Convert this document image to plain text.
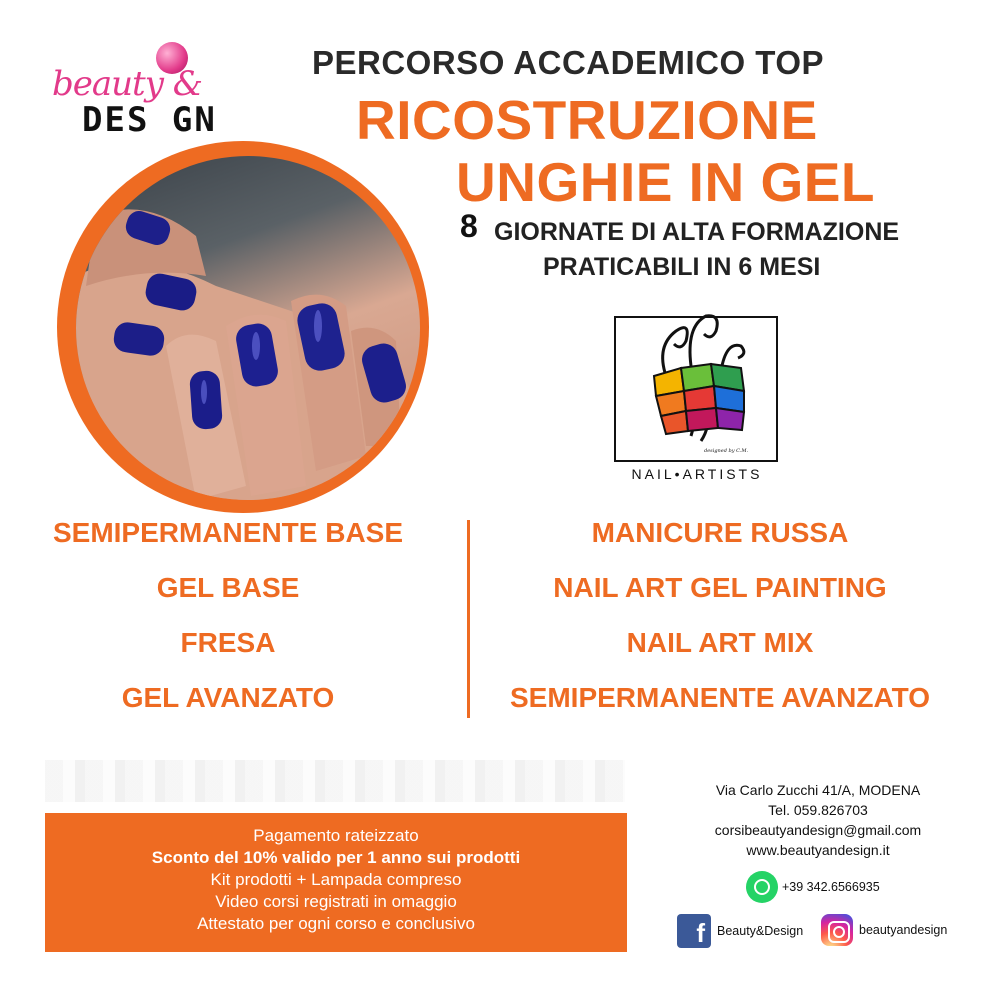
beauty &
DES GN
PERCORSO ACCADEMICO TOP
RICOSTRUZIONE
UNGHIE IN GEL
8 GIORNATE DI ALTA FORMAZIONE
PRATICABILI IN 6 MESI
designed by C.M.
NAIL•ARTISTS
SEMIPERMANENTE BASE
GEL BASE
FRESA
GEL AVANZATO
MANICURE RUSSA
NAIL ART GEL PAINTING
NAIL ART MIX
SEMIPERMANENTE AVANZATO
Pagamento rateizzato
Sconto del 10% valido per 1 anno sui prodotti
Kit prodotti + Lampada compreso
Video corsi registrati in omaggio
Attestato per ogni corso e conclusivo
Via Carlo Zucchi 41/A, MODENA
Tel. 059.826703
corsibeautyandesign@gmail.com
www.beautyandesign.it
+39 342.6566935
f Beauty&Design	beautyandesign
